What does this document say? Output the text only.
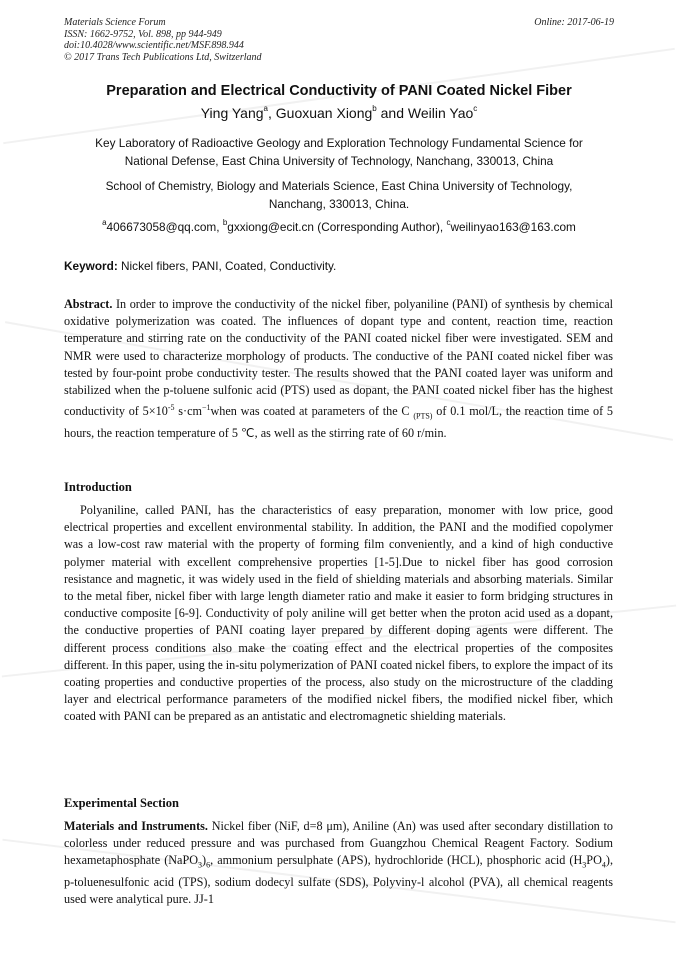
Materials Science Forum
ISSN: 1662-9752, Vol. 898, pp 944-949
doi:10.4028/www.scientific.net/MSF.898.944
© 2017 Trans Tech Publications Ltd, Switzerland
Online: 2017-06-19
Preparation and Electrical Conductivity of PANI Coated Nickel Fiber
Ying Yang$^a$, Guoxuan Xiong$^b$ and Weilin Yao$^c$
Key Laboratory of Radioactive Geology and Exploration Technology Fundamental Science for National Defense, East China University of Technology, Nanchang, 330013, China
School of Chemistry, Biology and Materials Science, East China University of Technology, Nanchang, 330013, China.
$^a$406673058@qq.com, $^b$gxxiong@ecit.cn (Corresponding Author), $^c$weilinyao163@163.com
Keyword: Nickel fibers, PANI, Coated, Conductivity.
Abstract. In order to improve the conductivity of the nickel fiber, polyaniline (PANI) of synthesis by chemical oxidative polymerization was coated. The influences of dopant type and content, reaction time, reaction temperature and stirring rate on the conductivity of the PANI coated nickel fiber were investigated. SEM and NMR were used to characterize morphology of products. The conductive of the PANI coated nickel fiber was tested by four-point probe conductivity tester. The results showed that the PANI coated layer was uniform and stabilized when the p-toluene sulfonic acid (PTS) used as dopant, the PANI coated nickel fiber has the highest conductivity of $5\times 10^{-5}$ $s\cdot cm^{-1}when$ was coated at parameters of the C $_{(PTS)}$ of 0.1 mol/L, the reaction time of 5 hours, the reaction temperature of 5 ℃, as well as the stirring rate of 60 r/min.
Introduction
Polyaniline, called PANI, has the characteristics of easy preparation, monomer with low price, good electrical properties and excellent environmental stability. In addition, the PANI and the modified copolymer was a low-cost raw material with the property of forming film conveniently, and a kind of high conductive polymer material with excellent comprehensive properties [1-5].Due to nickel fiber has good corrosion resistance and magnetic, it was widely used in the field of shielding materials and absorbing materials. Similar to the metal fiber, nickel fiber with large length diameter ratio and make it easier to form bridging structures in conductive composite [6-9]. Conductivity of poly aniline will get better when the proton acid used as a dopant, the conductive properties of PANI coating layer prepared by different doping agents were different. The different process conditions also make the coating effect and the electrical properties of the composites different. In this paper, using the in-situ polymerization of PANI coated nickel fibers, to explore the impact of its coating properties and conductive properties of the process, also study on the microstructure of the cladding layer and electrical performance parameters of the modified nickel fibers, the modified nickel fiber, which coated with PANI can be prepared as an antistatic and electromagnetic shielding materials.
Experimental Section
Materials and Instruments. Nickel fiber (NiF, d=8 μm), Aniline (An) was used after secondary distillation to colorless under reduced pressure and was purchased from Guangzhou Chemical Reagent Factory. Sodium hexametaphosphate $(NaPO_3)_6$, ammonium persulphate (APS), hydrochloride (HCL), phosphoric acid $(H_3PO_4)$, p-toluenesulfonic acid (TPS), sodium dodecyl sulfate (SDS), Polyviny-l alcohol (PVA), all chemical reagents used were analytical pure. JJ-1
